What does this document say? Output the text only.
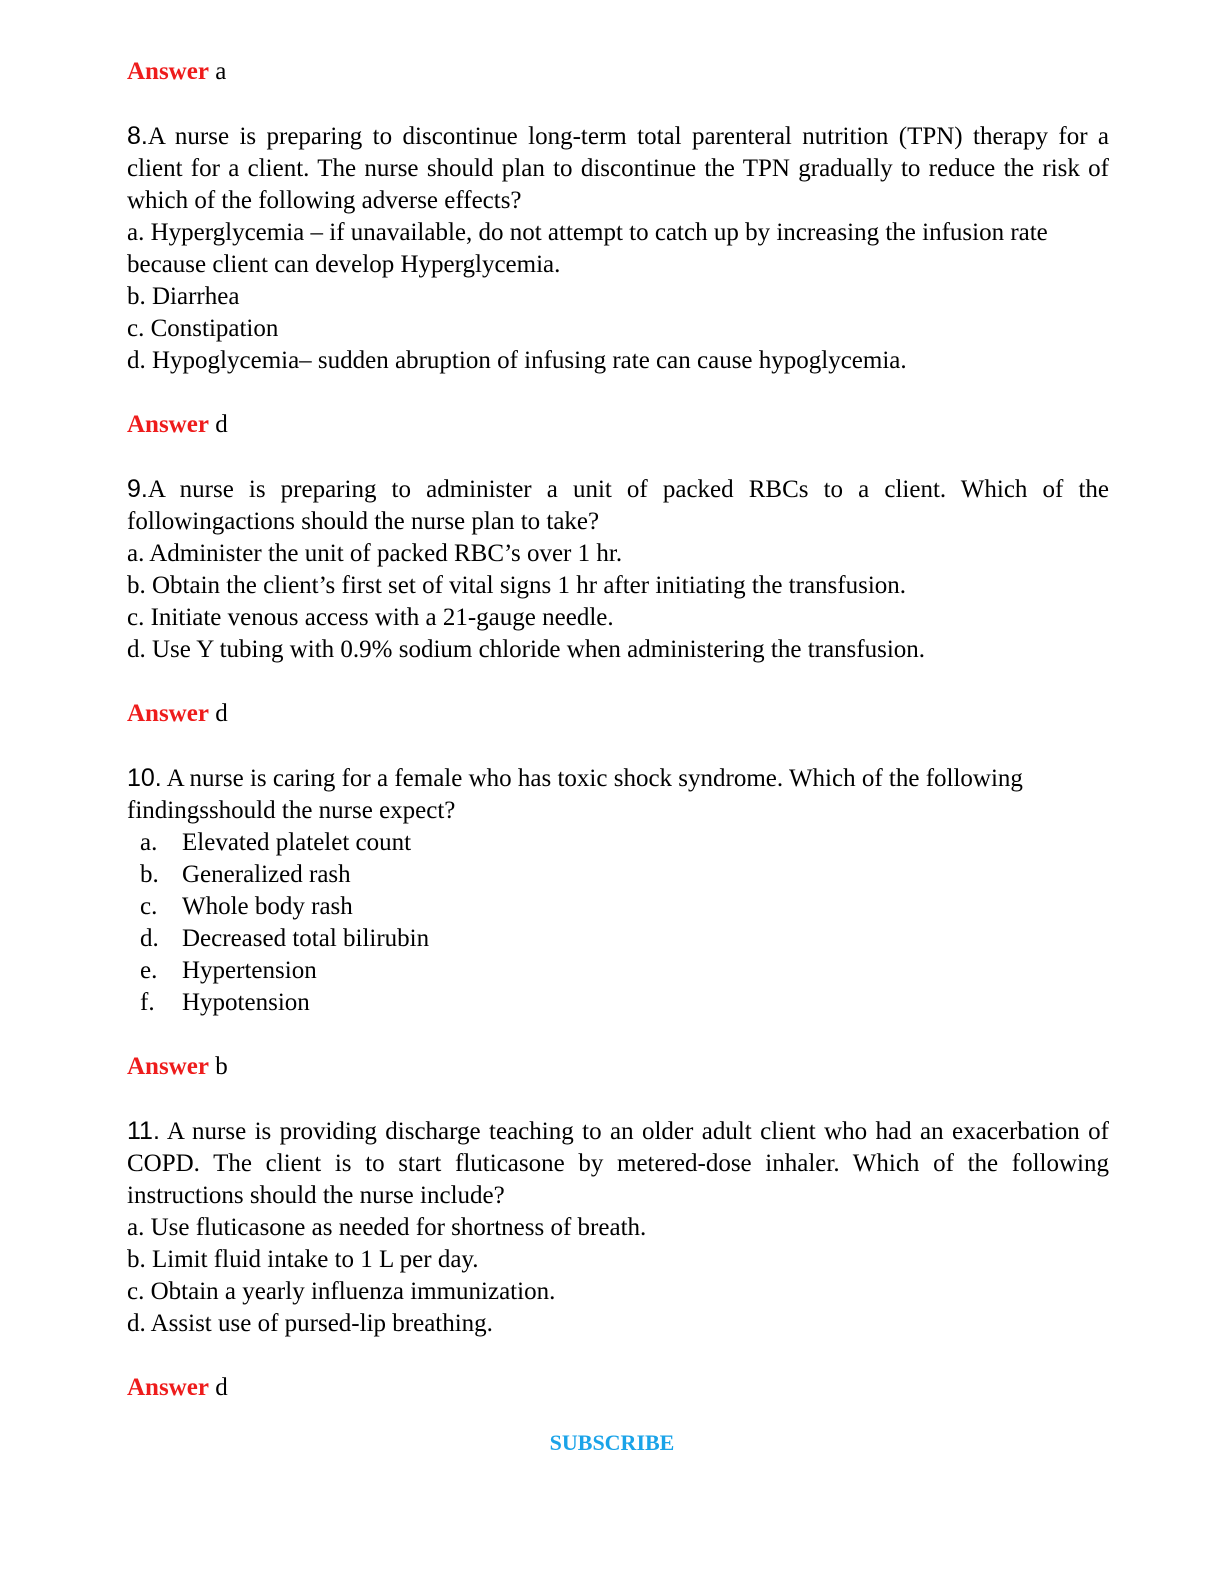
Answer a

8.A nurse is preparing to discontinue long-term total parenteral nutrition (TPN) therapy for a client for a client. The nurse should plan to discontinue the TPN gradually to reduce the risk of which of the following adverse effects?

a. Hyperglycemia – if unavailable, do not attempt to catch up by increasing the infusion rate because client can develop Hyperglycemia.

b. Diarrhea

c. Constipation

d. Hypoglycemia– sudden abruption of infusing rate can cause hypoglycemia.

Answer d

9.A nurse is preparing to administer a unit of packed RBCs to a client. Which of the followingactions should the nurse plan to take?

a. Administer the unit of packed RBC’s over 1 hr.

b. Obtain the client’s first set of vital signs 1 hr after initiating the transfusion.

c. Initiate venous access with a 21-gauge needle.

d. Use Y tubing with 0.9% sodium chloride when administering the transfusion.

Answer d

10. A nurse is caring for a female who has toxic shock syndrome. Which of the following findingsshould the nurse expect?

a. Elevated platelet count
b. Generalized rash
c. Whole body rash
d. Decreased total bilirubin
e. Hypertension
f.	Hypotension

Answer b

11. A nurse is providing discharge teaching to an older adult client who had an exacerbation of COPD. The client is to start fluticasone by metered-dose inhaler. Which of the following instructions should the nurse include?

a. Use fluticasone as needed for shortness of breath.

b. Limit fluid intake to 1 L per day.

c. Obtain a yearly influenza immunization.

d. Assist use of pursed-lip breathing.

Answer d

SUBSCRIBE
